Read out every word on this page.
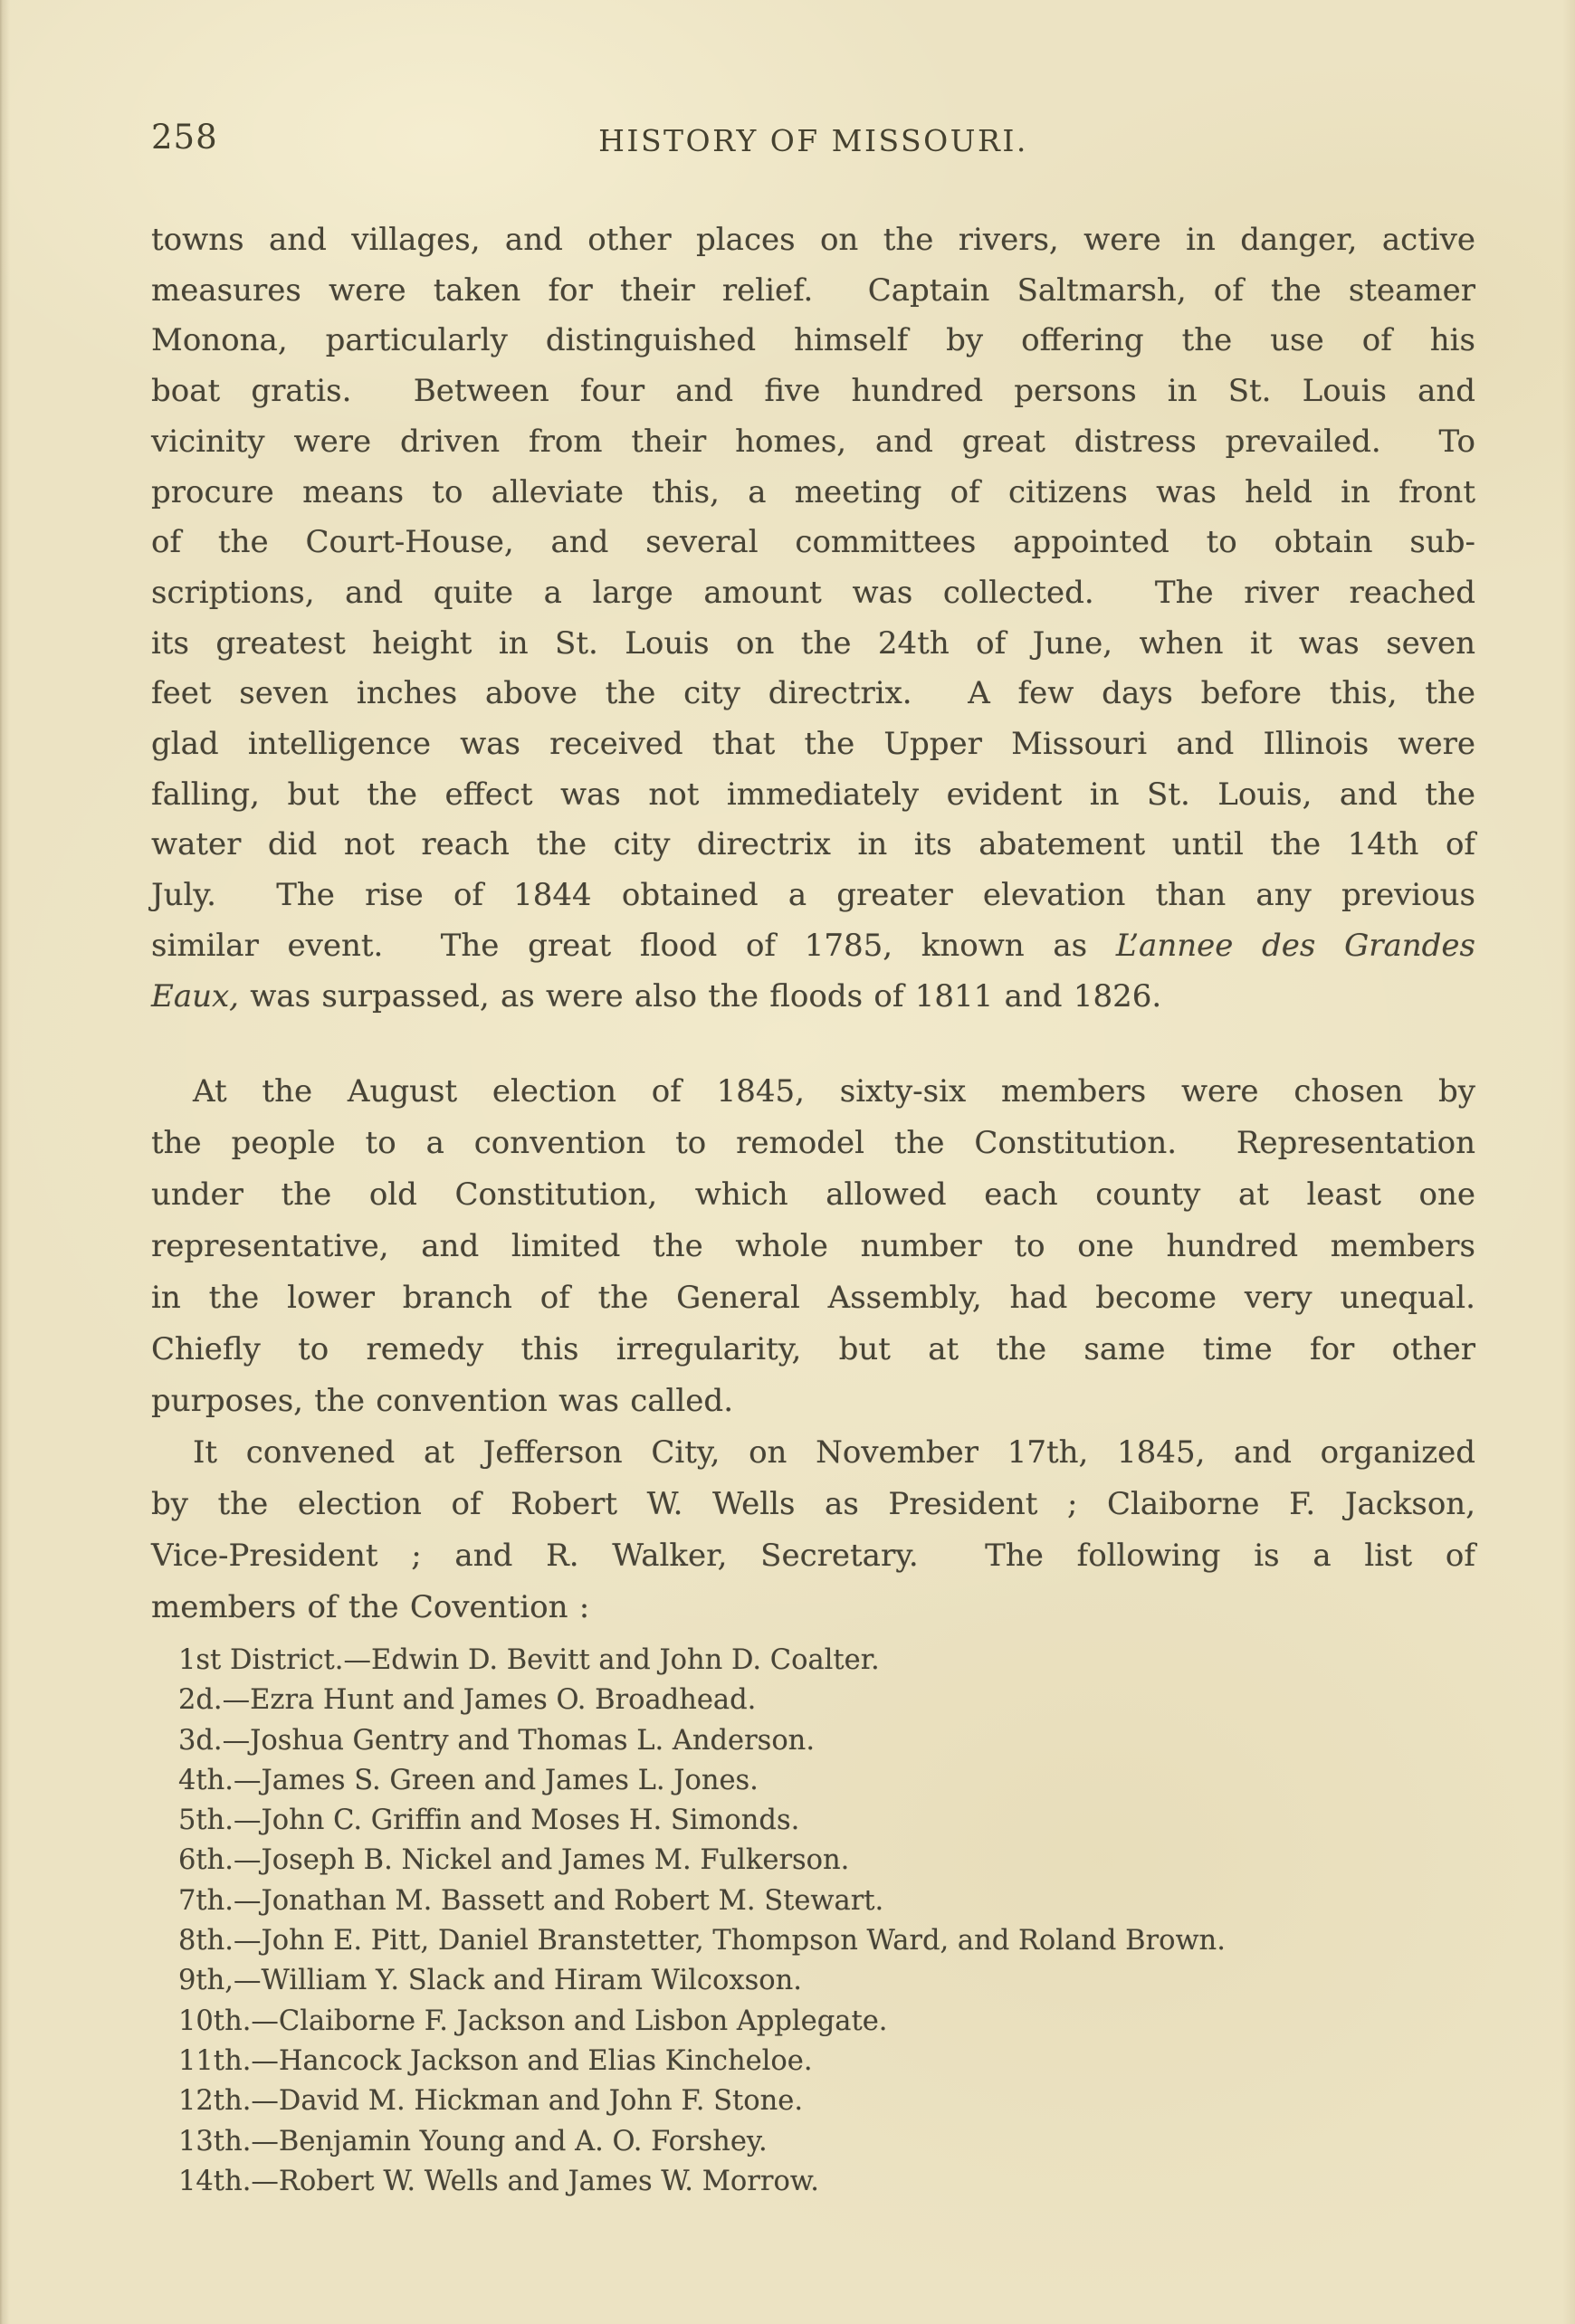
258	HISTORY OF MISSOURI.
towns and villages, and other places on the rivers, were in danger, active
measures were taken for their relief.  Captain Saltmarsh, of the steamer
Monona, particularly distinguished himself by offering the use of his
boat gratis.  Between four and five hundred persons in St. Louis and
vicinity were driven from their homes, and great distress prevailed.  To
procure means to alleviate this, a meeting of citizens was held in front
of the Court-House, and several committees appointed to obtain sub-
scriptions, and quite a large amount was collected.  The river reached
its greatest height in St. Louis on the 24th of June, when it was seven
feet seven inches above the city directrix.  A few days before this, the
glad intelligence was received that the Upper Missouri and Illinois were
falling, but the effect was not immediately evident in St. Louis, and the
water did not reach the city directrix in its abatement until the 14th of
July.  The rise of 1844 obtained a greater elevation than any previous
similar event.  The great flood of 1785, known as L’annee des Grandes
Eaux, was surpassed, as were also the floods of 1811 and 1826.
At the August election of 1845, sixty-six members were chosen by
the people to a convention to remodel the Constitution.  Representation
under the old Constitution, which allowed each county at least one
representative, and limited the whole number to one hundred members
in the lower branch of the General Assembly, had become very unequal.
Chiefly to remedy this irregularity, but at the same time for other
purposes, the convention was called.
It convened at Jefferson City, on November 17th, 1845, and organized
by the election of Robert W. Wells as President ; Claiborne F. Jackson,
Vice-President ; and R. Walker, Secretary.  The following is a list of
members of the Covention :
1st District.—Edwin D. Bevitt and John D. Coalter.
2d.—Ezra Hunt and James O. Broadhead.
3d.—Joshua Gentry and Thomas L. Anderson.
4th.—James S. Green and James L. Jones.
5th.—John C. Griffin and Moses H. Simonds.
6th.—Joseph B. Nickel and James M. Fulkerson.
7th.—Jonathan M. Bassett and Robert M. Stewart.
8th.—John E. Pitt, Daniel Branstetter, Thompson Ward, and Roland Brown.
9th,—William Y. Slack and Hiram Wilcoxson.
10th.—Claiborne F. Jackson and Lisbon Applegate.
11th.—Hancock Jackson and Elias Kincheloe.
12th.—David M. Hickman and John F. Stone.
13th.—Benjamin Young and A. O. Forshey.
14th.—Robert W. Wells and James W. Morrow.
